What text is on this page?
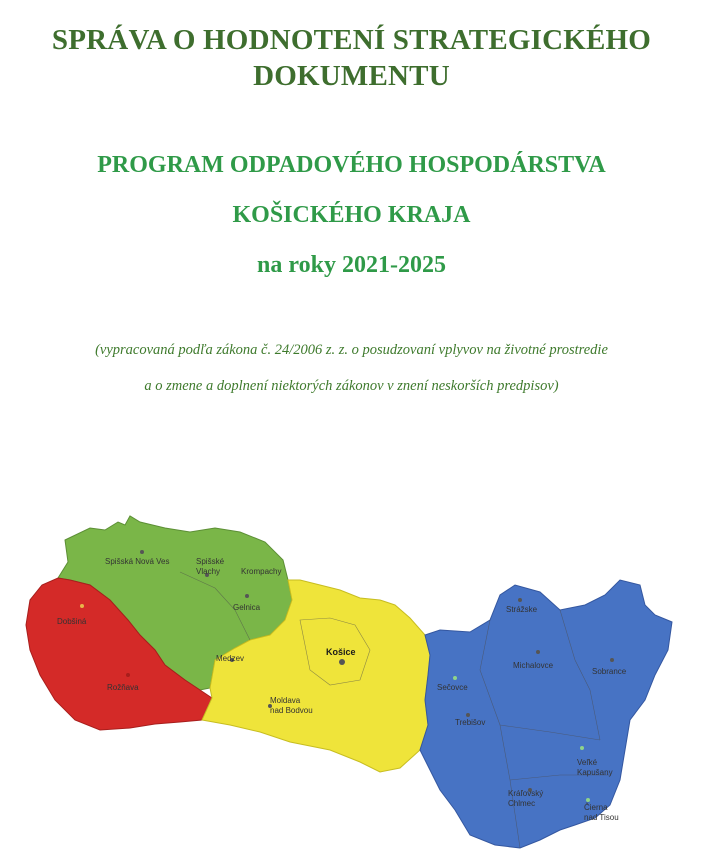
SPRÁVA O HODNOTENÍ STRATEGICKÉHO
DOKUMENTU
PROGRAM ODPADOVÉHO HOSPODÁRSTVA
KOŠICKÉHO KRAJA
na roky 2021-2025
(vypracovaná podľa zákona č. 24/2006 z. z. o posudzovaní vplyvov na životné prostredie
a o zmene a doplnení niektorých zákonov v znení neskorších predpisov)
Spišská Nová Ves	Spišské
Vlachy	Krompachy
Gelnica
Dobšiná
Rožňava
Medzev
Košice
Moldava
nad Bodvou
Strážske
Michalovce
Sobrance
Sečovce
Trebišov
Veľké
Kapušany
Kráľovský
Chlmec	Čierna
nad Tisou
